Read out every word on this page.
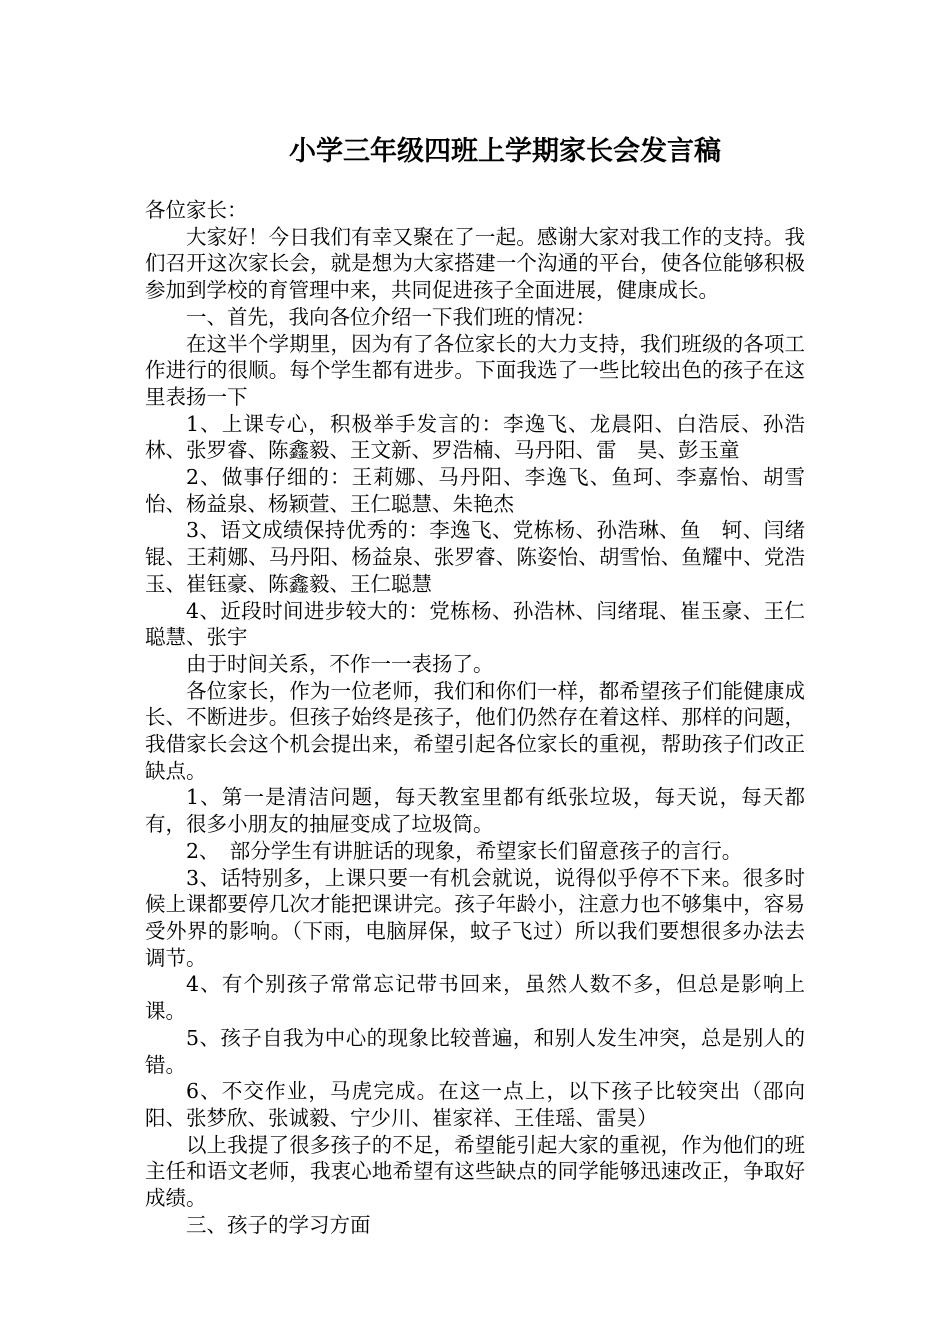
小学三年级四班上学期家长会发言稿

各位家长：

大家好！今日我们有幸又聚在了一起。感谢大家对我工作的支持。我们召开这次家长会，就是想为大家搭建一个沟通的平台，使各位能够积极参加到学校的育管理中来，共同促进孩子全面进展，健康成长。

一、首先，我向各位介绍一下我们班的情况：

在这半个学期里，因为有了各位家长的大力支持，我们班级的各项工作进行的很顺。每个学生都有进步。下面我选了一些比较出色的孩子在这里表扬一下

1、上课专心，积极举手发言的：李逸飞、龙晨阳、白浩辰、孙浩林、张罗睿、陈鑫毅、王文新、罗浩楠、马丹阳、雷　昊、彭玉童

2、做事仔细的：王莉娜、马丹阳、李逸飞、鱼珂、李嘉怡、胡雪怡、杨益泉、杨颖萱、王仁聪慧、朱艳杰

3、语文成绩保持优秀的：李逸飞、党栋杨、孙浩琳、鱼　轲、闫绪锟、王莉娜、马丹阳、杨益泉、张罗睿、陈姿怡、胡雪怡、鱼耀中、党浩玉、崔钰豪、陈鑫毅、王仁聪慧

4、近段时间进步较大的：党栋杨、孙浩林、闫绪琨、崔玉豪、王仁聪慧、张宇

由于时间关系，不作一一表扬了。

各位家长，作为一位老师，我们和你们一样，都希望孩子们能健康成长、不断进步。但孩子始终是孩子，他们仍然存在着这样、那样的问题，我借家长会这个机会提出来，希望引起各位家长的重视，帮助孩子们改正缺点。

1、第一是清洁问题，每天教室里都有纸张垃圾，每天说，每天都有，很多小朋友的抽屉变成了垃圾筒。

2、　部分学生有讲脏话的现象，希望家长们留意孩子的言行。

3、话特别多，上课只要一有机会就说，说得似乎停不下来。很多时候上课都要停几次才能把课讲完。孩子年龄小，注意力也不够集中，容易受外界的影响。（下雨，电脑屏保，蚊子飞过）所以我们要想很多办法去调节。

4、有个别孩子常常忘记带书回来，虽然人数不多，但总是影响上课。

5、孩子自我为中心的现象比较普遍，和别人发生冲突，总是别人的错。

6、不交作业，马虎完成。在这一点上，以下孩子比较突出（邵向阳、张梦欣、张诚毅、宁少川、崔家祥、王佳瑶、雷昊）

以上我提了很多孩子的不足，希望能引起大家的重视，作为他们的班主任和语文老师，我衷心地希望有这些缺点的同学能够迅速改正，争取好成绩。

三、孩子的学习方面
